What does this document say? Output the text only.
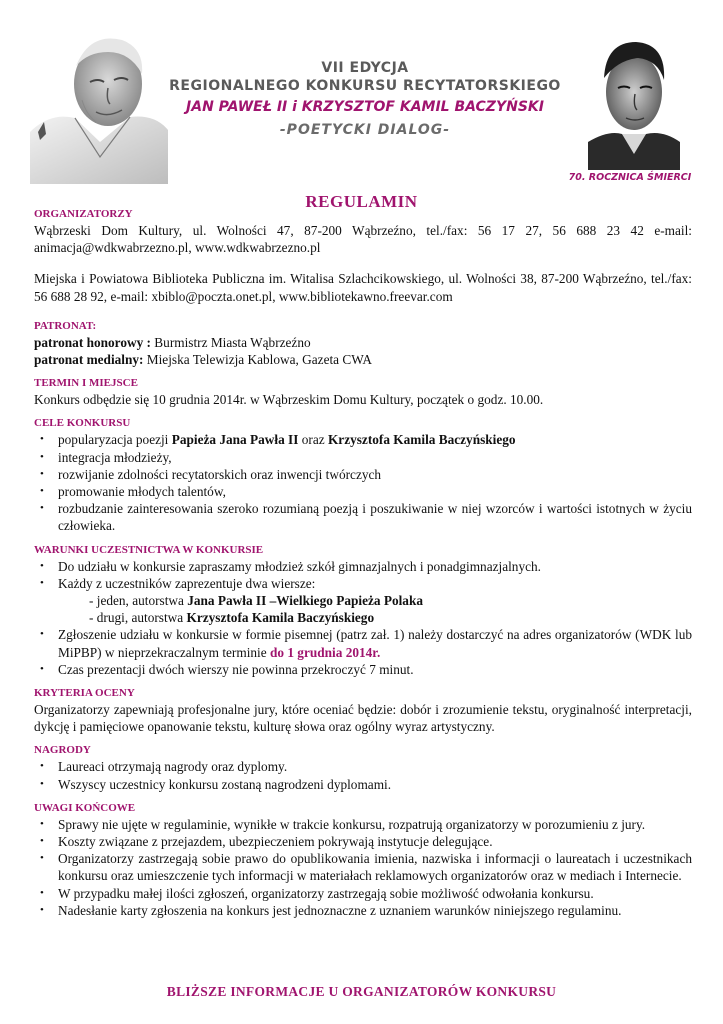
VII EDYCJA
REGIONALNEGO KONKURSU RECYTATORSKIEGO
JAN PAWEŁ II i KRZYSZTOF KAMIL BACZYŃSKI
-POETYCKI DIALOG-
70. ROCZNICA ŚMIERCI
REGULAMIN
ORGANIZATORZY

Wąbrzeski Dom Kultury, ul. Wolności 47, 87-200 Wąbrzeźno, tel./fax: 56 17 27, 56 688 23 42 e-mail: animacja@wdkwabrzezno.pl, www.wdkwabrzezno.pl

Miejska i Powiatowa Biblioteka Publiczna im. Witalisa Szlachcikowskiego, ul. Wolności 38, 87-200 Wąbrzeźno, tel./fax: 56 688 28 92, e-mail: xbiblo@poczta.onet.pl, www.bibliotekawno.freevar.com

PATRONAT:

patronat honorowy : Burmistrz Miasta Wąbrzeźno

patronat medialny: Miejska Telewizja Kablowa, Gazeta CWA

TERMIN I MIEJSCE

Konkurs odbędzie się 10 grudnia 2014r. w Wąbrzeskim Domu Kultury, początek o godz. 10.00.

CELE KONKURSU
• popularyzacja poezji Papieża Jana Pawła II oraz Krzysztofa Kamila Baczyńskiego
• integracja młodzieży,
• rozwijanie zdolności recytatorskich oraz inwencji twórczych
• promowanie młodych talentów,
• rozbudzanie zainteresowania szeroko rozumianą poezją i poszukiwanie w niej wzorców i wartości istotnych w życiu człowieka.
WARUNKI UCZESTNICTWA W KONKURSIE
• Do udziału w konkursie zapraszamy młodzież szkół gimnazjalnych i ponadgimnazjalnych.
• Każdy z uczestników zaprezentuje dwa wiersze:

- jeden, autorstwa Jana Pawła II –Wielkiego Papieża Polaka

- drugi, autorstwa Krzysztofa Kamila Baczyńskiego

• Zgłoszenie udziału w konkursie w formie pisemnej (patrz zał. 1) należy dostarczyć na adres organizatorów (WDK lub MiPBP) w nieprzekraczalnym terminie do 1 grudnia 2014r.
• Czas prezentacji dwóch wierszy nie powinna przekroczyć 7 minut.
KRYTERIA OCENY

Organizatorzy zapewniają profesjonalne jury, które oceniać będzie: dobór i zrozumienie tekstu, oryginalność interpretacji, dykcję i pamięciowe opanowanie tekstu, kulturę słowa oraz ogólny wyraz artystyczny.

NAGRODY
• Laureaci otrzymają nagrody oraz dyplomy.
• Wszyscy uczestnicy konkursu zostaną nagrodzeni dyplomami.
UWAGI KOŃCOWE
• Sprawy nie ujęte w regulaminie, wynikłe w trakcie konkursu, rozpatrują organizatorzy w porozumieniu z jury.
• Koszty związane z przejazdem, ubezpieczeniem pokrywają instytucje delegujące.
• Organizatorzy zastrzegają sobie prawo do opublikowania imienia, nazwiska i informacji o laureatach i uczestnikach konkursu oraz umieszczenie tych informacji w materiałach reklamowych organizatorów oraz w mediach i Internecie.
• W przypadku małej ilości zgłoszeń, organizatorzy zastrzegają sobie możliwość odwołania konkursu.
• Nadesłanie karty zgłoszenia na konkurs jest jednoznaczne z uznaniem warunków niniejszego regulaminu.
BLIŻSZE INFORMACJE U ORGANIZATORÓW KONKURSU
